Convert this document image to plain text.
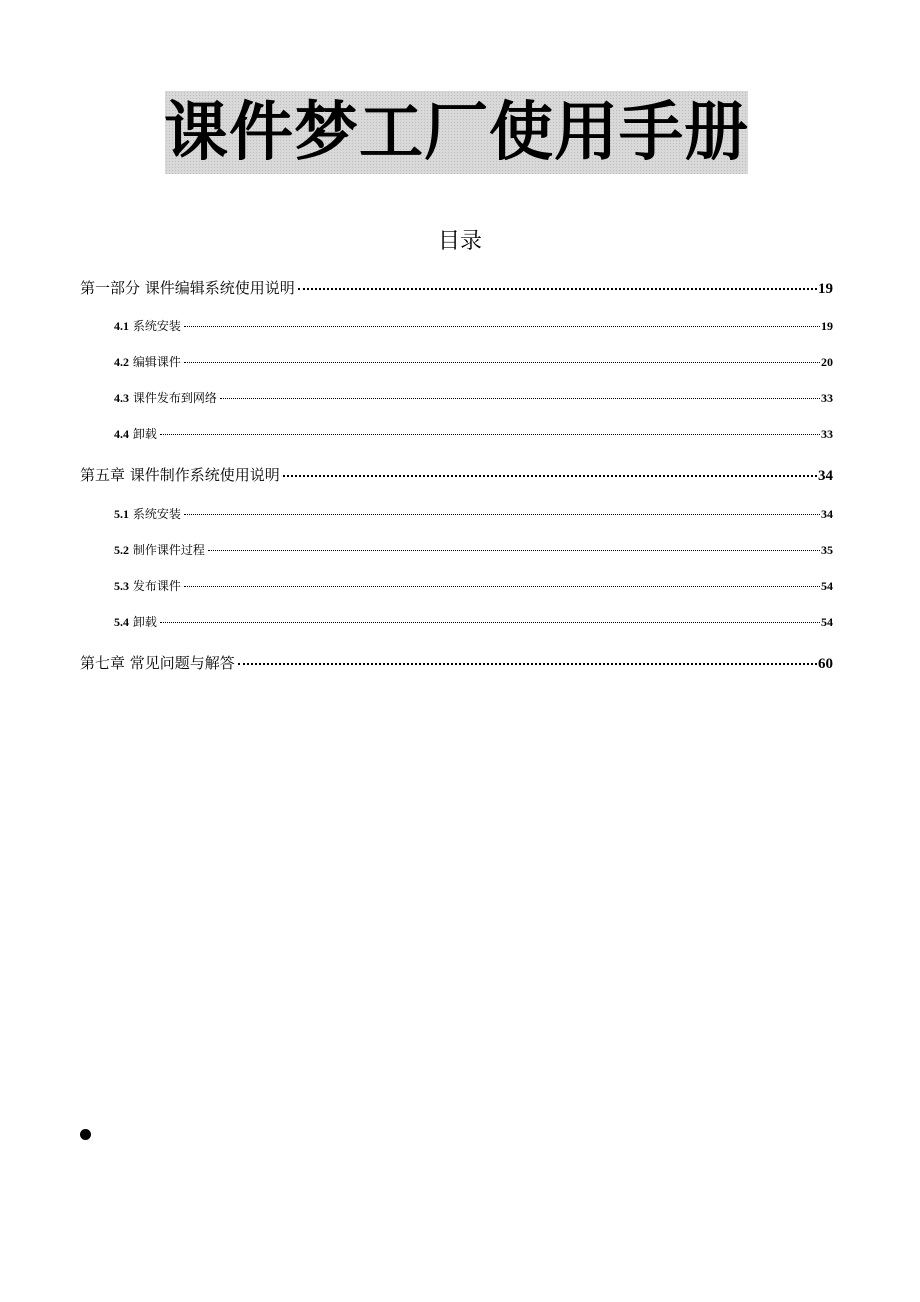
课件梦工厂使用手册
目录
第一部分 课件编辑系统使用说明	19
4.1 系统安装	19
4.2 编辑课件	20
4.3 课件发布到网络	33
4.4 卸载	33
第五章 课件制作系统使用说明	34
5.1 系统安装	34
5.2 制作课件过程	35
5.3 发布课件	54
5.4 卸载	54
第七章 常见问题与解答	60
